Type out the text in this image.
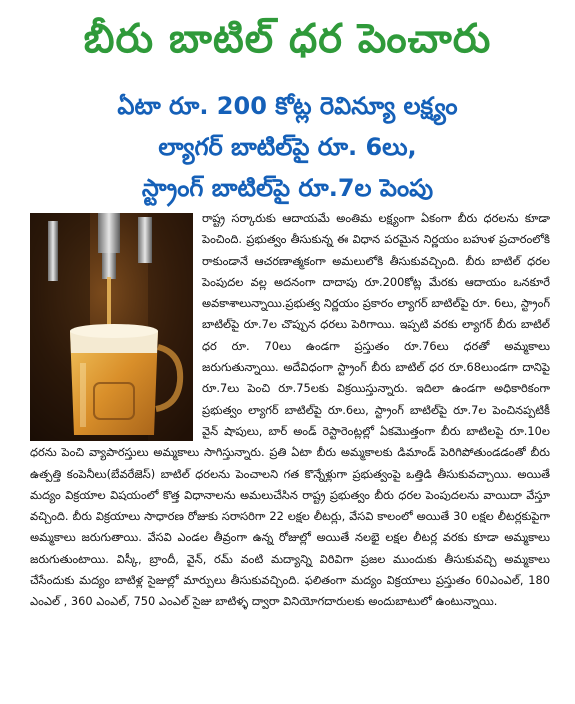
బీరు బాటిల్ ధర పెంచారు
ఏటా రూ. 200 కోట్ల రెవిన్యూ లక్ష్యం
ల్యాగర్ బాటిల్‌పై రూ. 6లు,
స్ట్రాంగ్ బాటిల్‌పై రూ.7ల పెంపు

రాష్ట్ర సర్కారుకు ఆదాయమే అంతిమ లక్ష్యంగా ఏకంగా బీరు ధరలను కూడా పెంచింది. ప్రభుత్వం తీసుకున్న ఈ విధాన పరమైన నిర్ణయం బహుళ ప్రచారంలోకి రాకుండానే ఆచరణాత్మకంగా అమలులోకి తీసుకువచ్చింది. బీరు బాటిల్ ధరల పెంపుదల వల్ల అదనంగా దాదాపు రూ.200కోట్ల మేరకు ఆదాయం ఒనకూరే అవకాశాలున్నాయి.ప్రభుత్వ నిర్ణయం ప్రకారం ల్యాగర్ బాటిల్‌పై రూ. 6లు, స్ట్రాంగ్ బాటిల్‌పై రూ.7ల చొప్పున ధరలు పెరిగాయి. ఇప్పటి వరకు ల్యాగర్ బీరు బాటిల్ ధర రూ. 70లు ఉండగా ప్రస్తుతం రూ.76లు ధరతో అమ్మకాలు జరుగుతున్నాయి. అదేవిధంగా స్ట్రాంగ్ బీరు బాటిల్ ధర రూ.68లుండగా దానిపై రూ.7లు పెంచి రూ.75లకు విక్రయిస్తున్నారు. ఇదిలా ఉండగా అధికారికంగా ప్రభుత్వం ల్యాగర్ బాటిల్‌పై రూ.6లు, స్ట్రాంగ్ బాటిల్‌పై రూ.7ల పెంచినప్పటికీ వైన్ షాపులు, బార్ అండ్ రెస్టారెంట్లల్లో ఏకమొత్తంగా బీరు బాటిలపై రూ.10ల ధరను పెంచి వ్యాపారస్తులు అమ్మకాలు సాగిస్తున్నారు. ప్రతి ఏటా బీరు అమ్మకాలకు డిమాండ్ పెరిగిపోతుండడంతో బీరు ఉత్పత్తి కంపెనీలు(బేవరేజెస్) బాటిల్ ధరలను పెంచాలని గత కొన్నేళ్లుగా ప్రభుత్వంపై ఒత్తిడి తీసుకువచ్చాయి. అయితే మద్యం విక్రయాల విషయంలో కొత్త విధానాలను అమలుచేసిన రాష్ట్ర ప్రభుత్వం బీరు ధరల పెంపుదలను వాయిదా వేస్తూ వచ్చింది. బీరు విక్రయాలు సాధారణ రోజుకు సరాసరిగా 22 లక్షల లీటర్లు, వేసవి కాలంలో అయితే 30 లక్షల లీటర్లకుపైగా అమ్మకాలు జరుగుతాయి. వేసవి ఎండల తీవ్రంగా ఉన్న రోజుల్లో అయితే నలభై లక్షల లీటర్ల వరకు కూడా అమ్మకాలు జరుగుతుంటాయి. విస్కీ, బ్రాందీ, వైన్, రమ్ వంటి మద్యాన్ని విరివిగా ప్రజల ముందుకు తీసుకువచ్చి అమ్మకాలు చేసేందుకు మద్యం బాటిళ్ల సైజుల్లో మార్పులు తీసుకువచ్చింది. ఫలితంగా మద్యం విక్రయాలు ప్రస్తుతం 60ఎంఎల్, 180 ఎంఎల్ , 360 ఎంఎల్, 750 ఎంఎల్ సైజు బాటిళ్ళ ద్వారా వినియోగదారులకు అందుబాటులో ఉంటున్నాయి.
